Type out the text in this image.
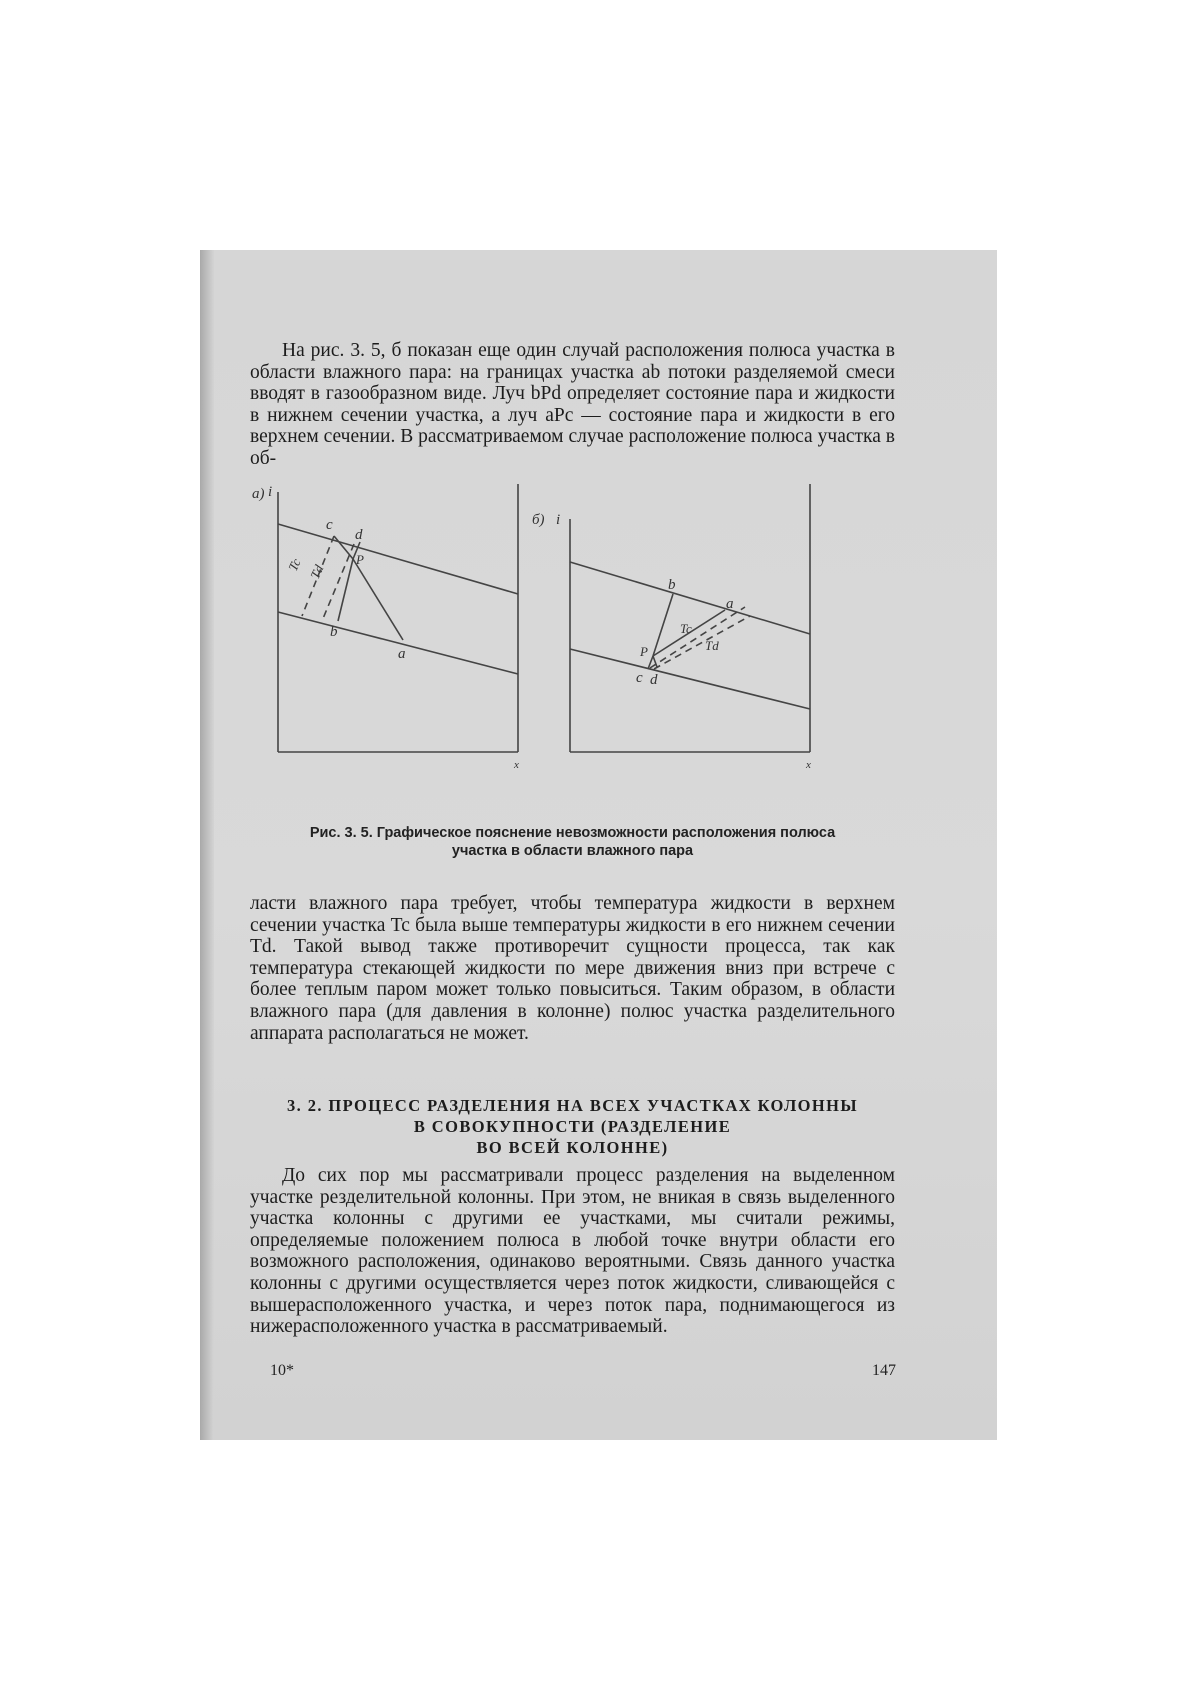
На рис. 3. 5, б показан еще один случай расположения полюса участка в области влажного пара: на границах участка ab потоки разделяемой смеси вводят в газообразном виде. Луч bPd определяет состояние пара и жидкости в нижнем сечении участка, а луч aPc — состояние пара и жидкости в его верхнем сечении. В рассматриваемом случае расположение полюса участка в об-

а) i
x
c
d
P
b
a
Tc Td
б) i
x
b
a
P
c d
Tc
Td
Рис. 3. 5. Графическое пояснение невозможности расположения полюса
участка в области влажного пара

ласти влажного пара требует, чтобы температура жидкости в верхнем сечении участка Tc была выше температуры жидкости в его нижнем сечении Td. Такой вывод также противоречит сущности процесса, так как температура стекающей жидкости по мере движения вниз при встрече с более теплым паром может только повыситься. Таким образом, в области влажного пара (для давления в колонне) полюс участка разделительного аппарата располагаться не может.

3. 2. ПРОЦЕСС РАЗДЕЛЕНИЯ НА ВСЕХ УЧАСТКАХ КОЛОННЫ
В СОВОКУПНОСТИ (РАЗДЕЛЕНИЕ
ВО ВСЕЙ КОЛОННЕ)

До сих пор мы рассматривали процесс разделения на выделенном участке резделительной колонны. При этом, не вникая в связь выделенного участка колонны с другими ее участками, мы считали режимы, определяемые положением полюса в любой точке внутри области его возможного расположения, одинаково вероятными. Связь данного участка колонны с другими осуществляется через поток жидкости, сливающейся с вышерасположенного участка, и через поток пара, поднимающегося из нижерасположенного участка в рассматриваемый.

10*	147
